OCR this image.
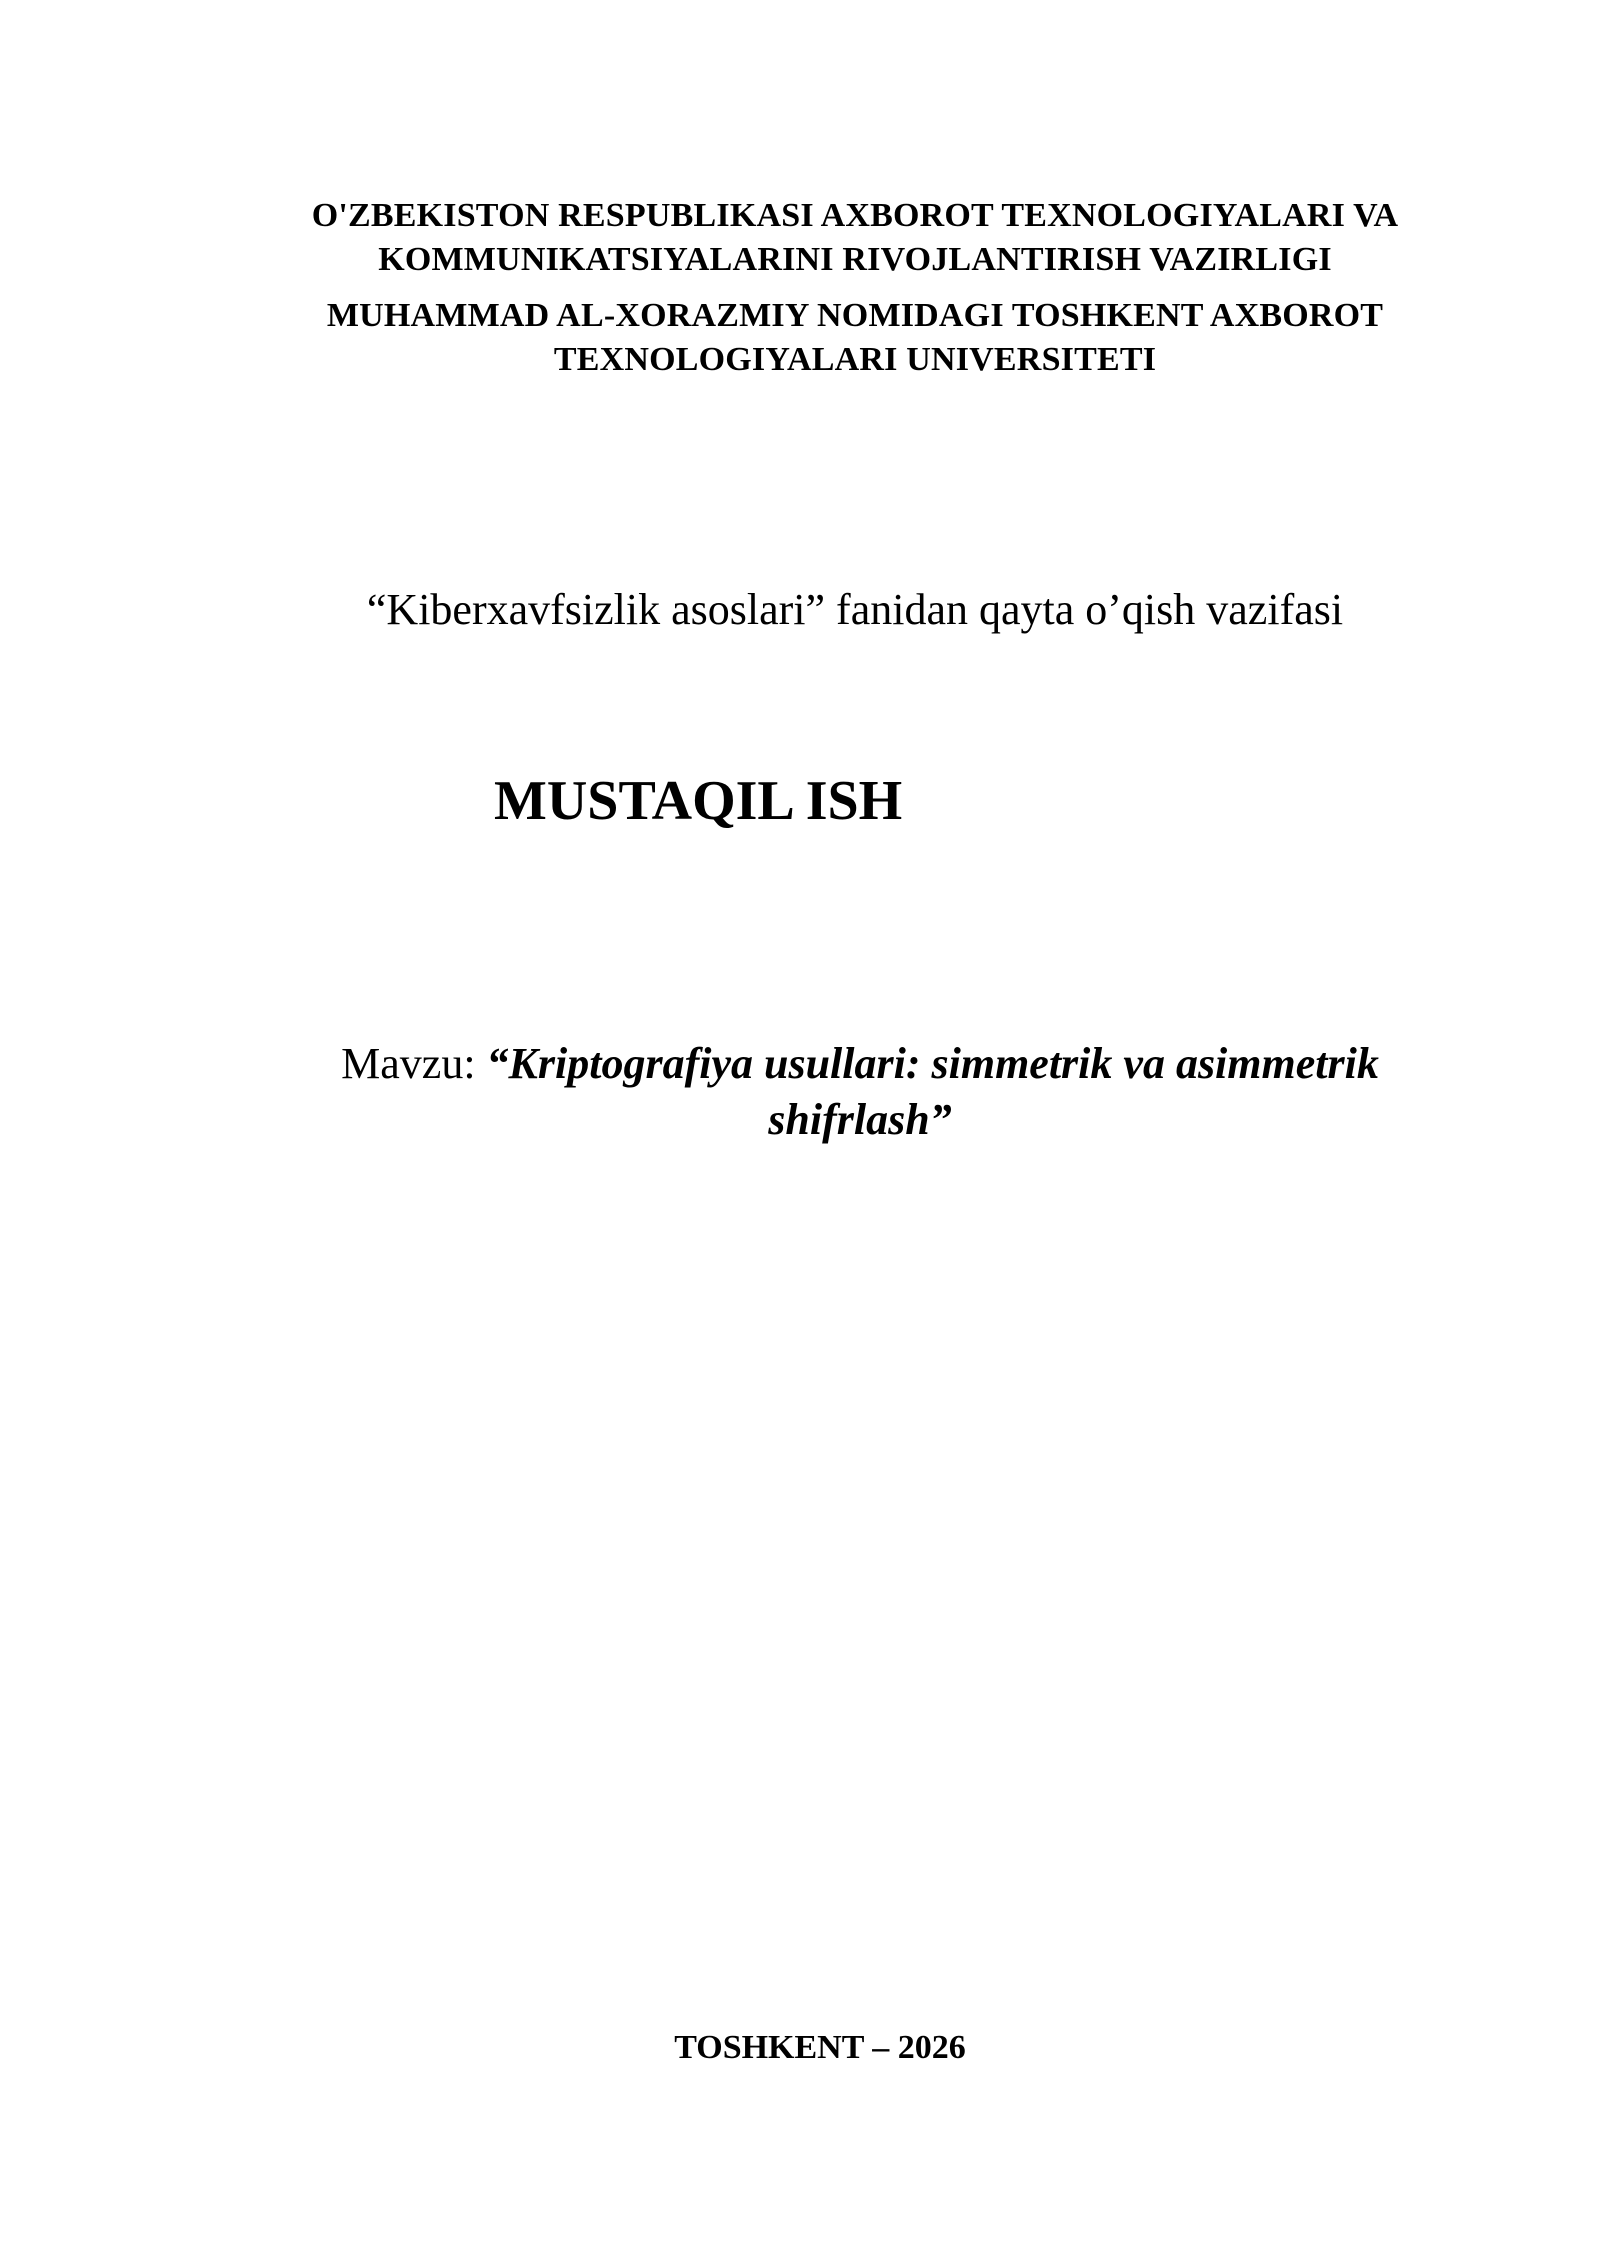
O'ZBEKISTON RESPUBLIKASI AXBOROT TEXNOLOGIYALARI VA
KOMMUNIKATSIYALARINI RIVOJLANTIRISH VAZIRLIGI
MUHAMMAD AL-XORAZMIY NOMIDAGI TOSHKENT AXBOROT
TEXNOLOGIYALARI UNIVERSITETI
“Kiberxavfsizlik asoslari” fanidan qayta o’qish vazifasi
MUSTAQIL ISH
Mavzu: “Kriptografiya usullari: simmetrik va asimmetrik
shifrlash”
TOSHKENT – 2026
